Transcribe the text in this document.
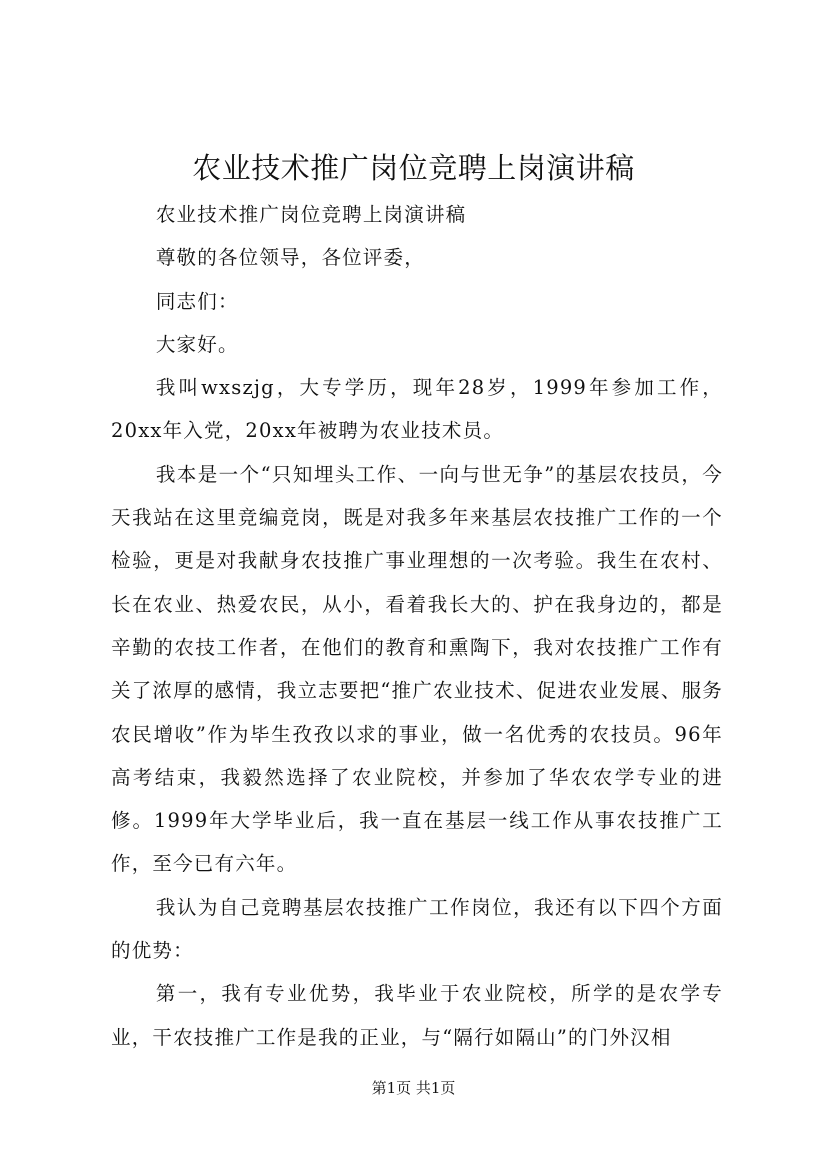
农业技术推广岗位竞聘上岗演讲稿

农业技术推广岗位竞聘上岗演讲稿

尊敬的各位领导，各位评委，

同志们：

大家好。

我叫wxszjg，大专学历，现年28岁，1999年参加工作，20xx年入党，20xx年被聘为农业技术员。

我本是一个“只知埋头工作、一向与世无争”的基层农技员，今天我站在这里竞编竞岗，既是对我多年来基层农技推广工作的一个检验，更是对我献身农技推广事业理想的一次考验。我生在农村、长在农业、热爱农民，从小，看着我长大的、护在我身边的，都是辛勤的农技工作者，在他们的教育和熏陶下，我对农技推广工作有关了浓厚的感情，我立志要把“推广农业技术、促进农业发展、服务农民增收”作为毕生孜孜以求的事业，做一名优秀的农技员。96年高考结束，我毅然选择了农业院校，并参加了华农农学专业的进修。1999年大学毕业后，我一直在基层一线工作从事农技推广工作，至今已有六年。

我认为自己竞聘基层农技推广工作岗位，我还有以下四个方面的优势：

第一，我有专业优势，我毕业于农业院校，所学的是农学专业，干农技推广工作是我的正业，与“隔行如隔山”的门外汉相

第1页 共1页
